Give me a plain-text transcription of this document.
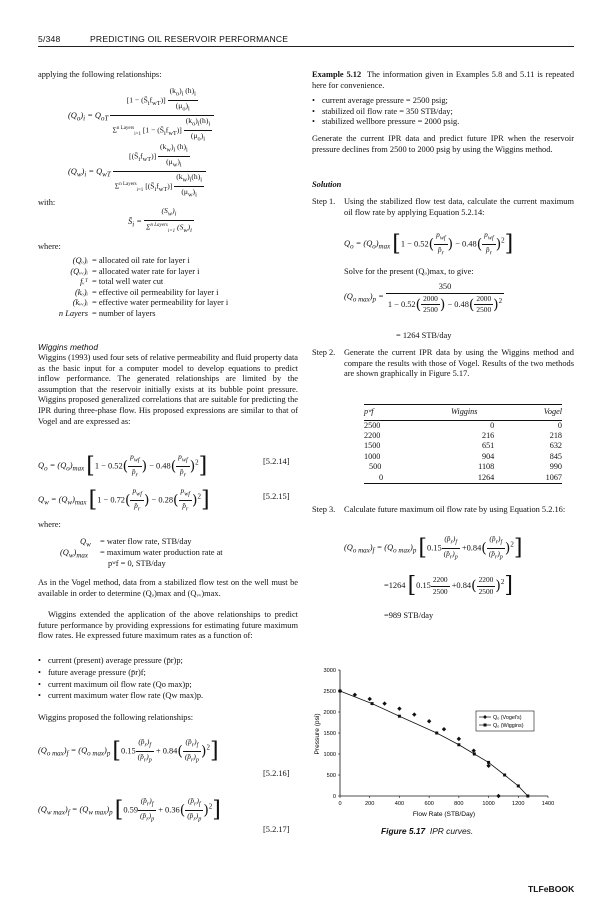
5/348	PREDICTING OIL RESERVOIR PERFORMANCE
applying the following relationships:
$(Q_o)_i = Q_{oT} \frac{[1 - (S̄_if_{wT})] \frac{(k_o)_i (h)_i}{(\mu_o)_i}}{\Sigma^{n Layers}_{i=1} [1 - (S̄_if_{wT})] \frac{(k_o)_i(h)_i}{(\mu_o)_i}}$
$(Q_w)_i = Q_{wT} \frac{[(S̄_if_{wT})] \frac{(k_w)_i (h)_i}{(\mu_w)_i}}{\Sigma^{n Layers}_{i=1} [(S̄_if_{wT})] \frac{(k_w)_i(h)_i}{(\mu_w)_i}}$
with:
$S̄_i = \frac{(S_w)_i}{\Sigma^{n Layers}_{i=1} (S_w)_i}$
where:
(Qₒ)ᵢ = allocated oil rate for layer i
(Qᵥᵥ)ᵢ = allocated water rate for layer i
fᵥᵀ = total well water cut
(kₒ)ᵢ = effective oil permeability for layer i
(kᵥᵥ)ᵢ = effective water permeability for layer i
n Layers = number of layers
Wiggins method
Wiggins (1993) used four sets of relative permeability and fluid property data as the basic input for a computer model to develop equations to predict inflow performance. The generated relationships are limited by the assumption that the reservoir initially exists at its bubble point pressure. Wiggins proposed generalized correlations that are suitable for predicting the IPR during three-phase flow. His proposed expressions are similar to that of Vogel and are expressed as:
$Q_o = (Q_o)_{max}$ [$1 - 0.52( \frac{p_{wf}}{p̄_r}$ ) − $0.48( \frac{p_{wf}}{p̄_r} )^2$]	[5.2.14]
$Q_w = (Q_w)_{max}$ [$1 - 0.72( \frac{p_{wf}}{p̄_r}$ ) − $0.28( \frac{p_{wf}}{p̄_r} )^2$]	[5.2.15]
where:
$Q_w$ = water flow rate, STB/day
$(Q_w)_{max}$ = maximum water production rate at
pʷf = 0, STB/day
As in the Vogel method, data from a stabilized flow test on the well must be available in order to determine (Qₒ)max and (Qᵥᵥ)max.
Wiggins extended the application of the above relationships to predict future performance by providing expressions for estimating future maximum flow rates. He expressed future maximum rates as a function of:
• current (present) average pressure (p̄r)p;
• future average pressure (p̄r)f;
• current maximum oil flow rate (Qo max)p;
• current maximum water flow rate (Qw max)p.
Wiggins proposed the following relationships:
$(Q_{o max})_f = (Q_{o max})_p$ $[0.15 \frac{(p̄_r)_f}{(p̄_r)_p} + 0.84( \frac{(p̄_r)_f}{(p̄_r)_p} )^2]$
[5.2.16]
$(Q_{w max})_f = (Q_{w max})_p$ $[0.59 \frac{(p̄_r)_f}{(p̄_r)_p} + 0.36( \frac{(p̄_r)_f}{(p̄_r)_p} )^2]$
[5.2.17]
Example 5.12 The information given in Examples 5.8 and 5.11 is repeated here for convenience.
• current average pressure = 2500 psig;
• stabilized oil flow rate = 350 STB/day;
• stabilized wellbore pressure = 2000 psig.
Generate the current IPR data and predict future IPR when the reservoir pressure declines from 2500 to 2000 psig by using the Wiggins method.
Solution
Step 1. Using the stabilized flow test data, calculate the current maximum oil flow rate by applying Equation 5.2.14:
$Q_o = (Q_o)_{max}$ [$1 - 0.52( \frac{p_{wf}}{p̄_r}$ ) − $0.48( \frac{p_{wf}}{p̄_r} )^2$]
Solve for the present (Qₒ)max, to give:
$(Q_{o max})_p = \frac{350}{1 - 0.52( \frac{2000}{2500} ) - 0.48( \frac{2000}{2500} )^2}$
= 1264 STB/day
Step 2. Generate the current IPR data by using the Wiggins method and compare the results with those of Vogel. Results of the two methods are shown graphically in Figure 5.17.
pʷf	Wiggins	Vogel
2500	0	0
2200	216	218
1500	651	632
1000	904	845
500	1108	990
0	1264	1067
Step 3. Calculate future maximum oil flow rate by using Equation 5.2.16:
$(Q_{o max})_f = (Q_{o max})_p$ $[0.15 \frac{(p̄_r)_f}{(p̄_r)_p} +0.84( \frac{(p̄_r)_f}{(p̄_r)_p} )^2]$
=1264 $[0.15 \frac{2200}{2500} +0.84( \frac{2200}{2500} )^2]$
=989 STB/day
0	200	400	600	800	1000	1200	1400
0
500
1000
1500
2000
2500
3000
Pressure (psi)
Flow Rate (STB/Day)
Qₒ (Vogel's)
Qₒ (Wiggins)
Figure 5.17 IPR curves.
TLFeBOOK
